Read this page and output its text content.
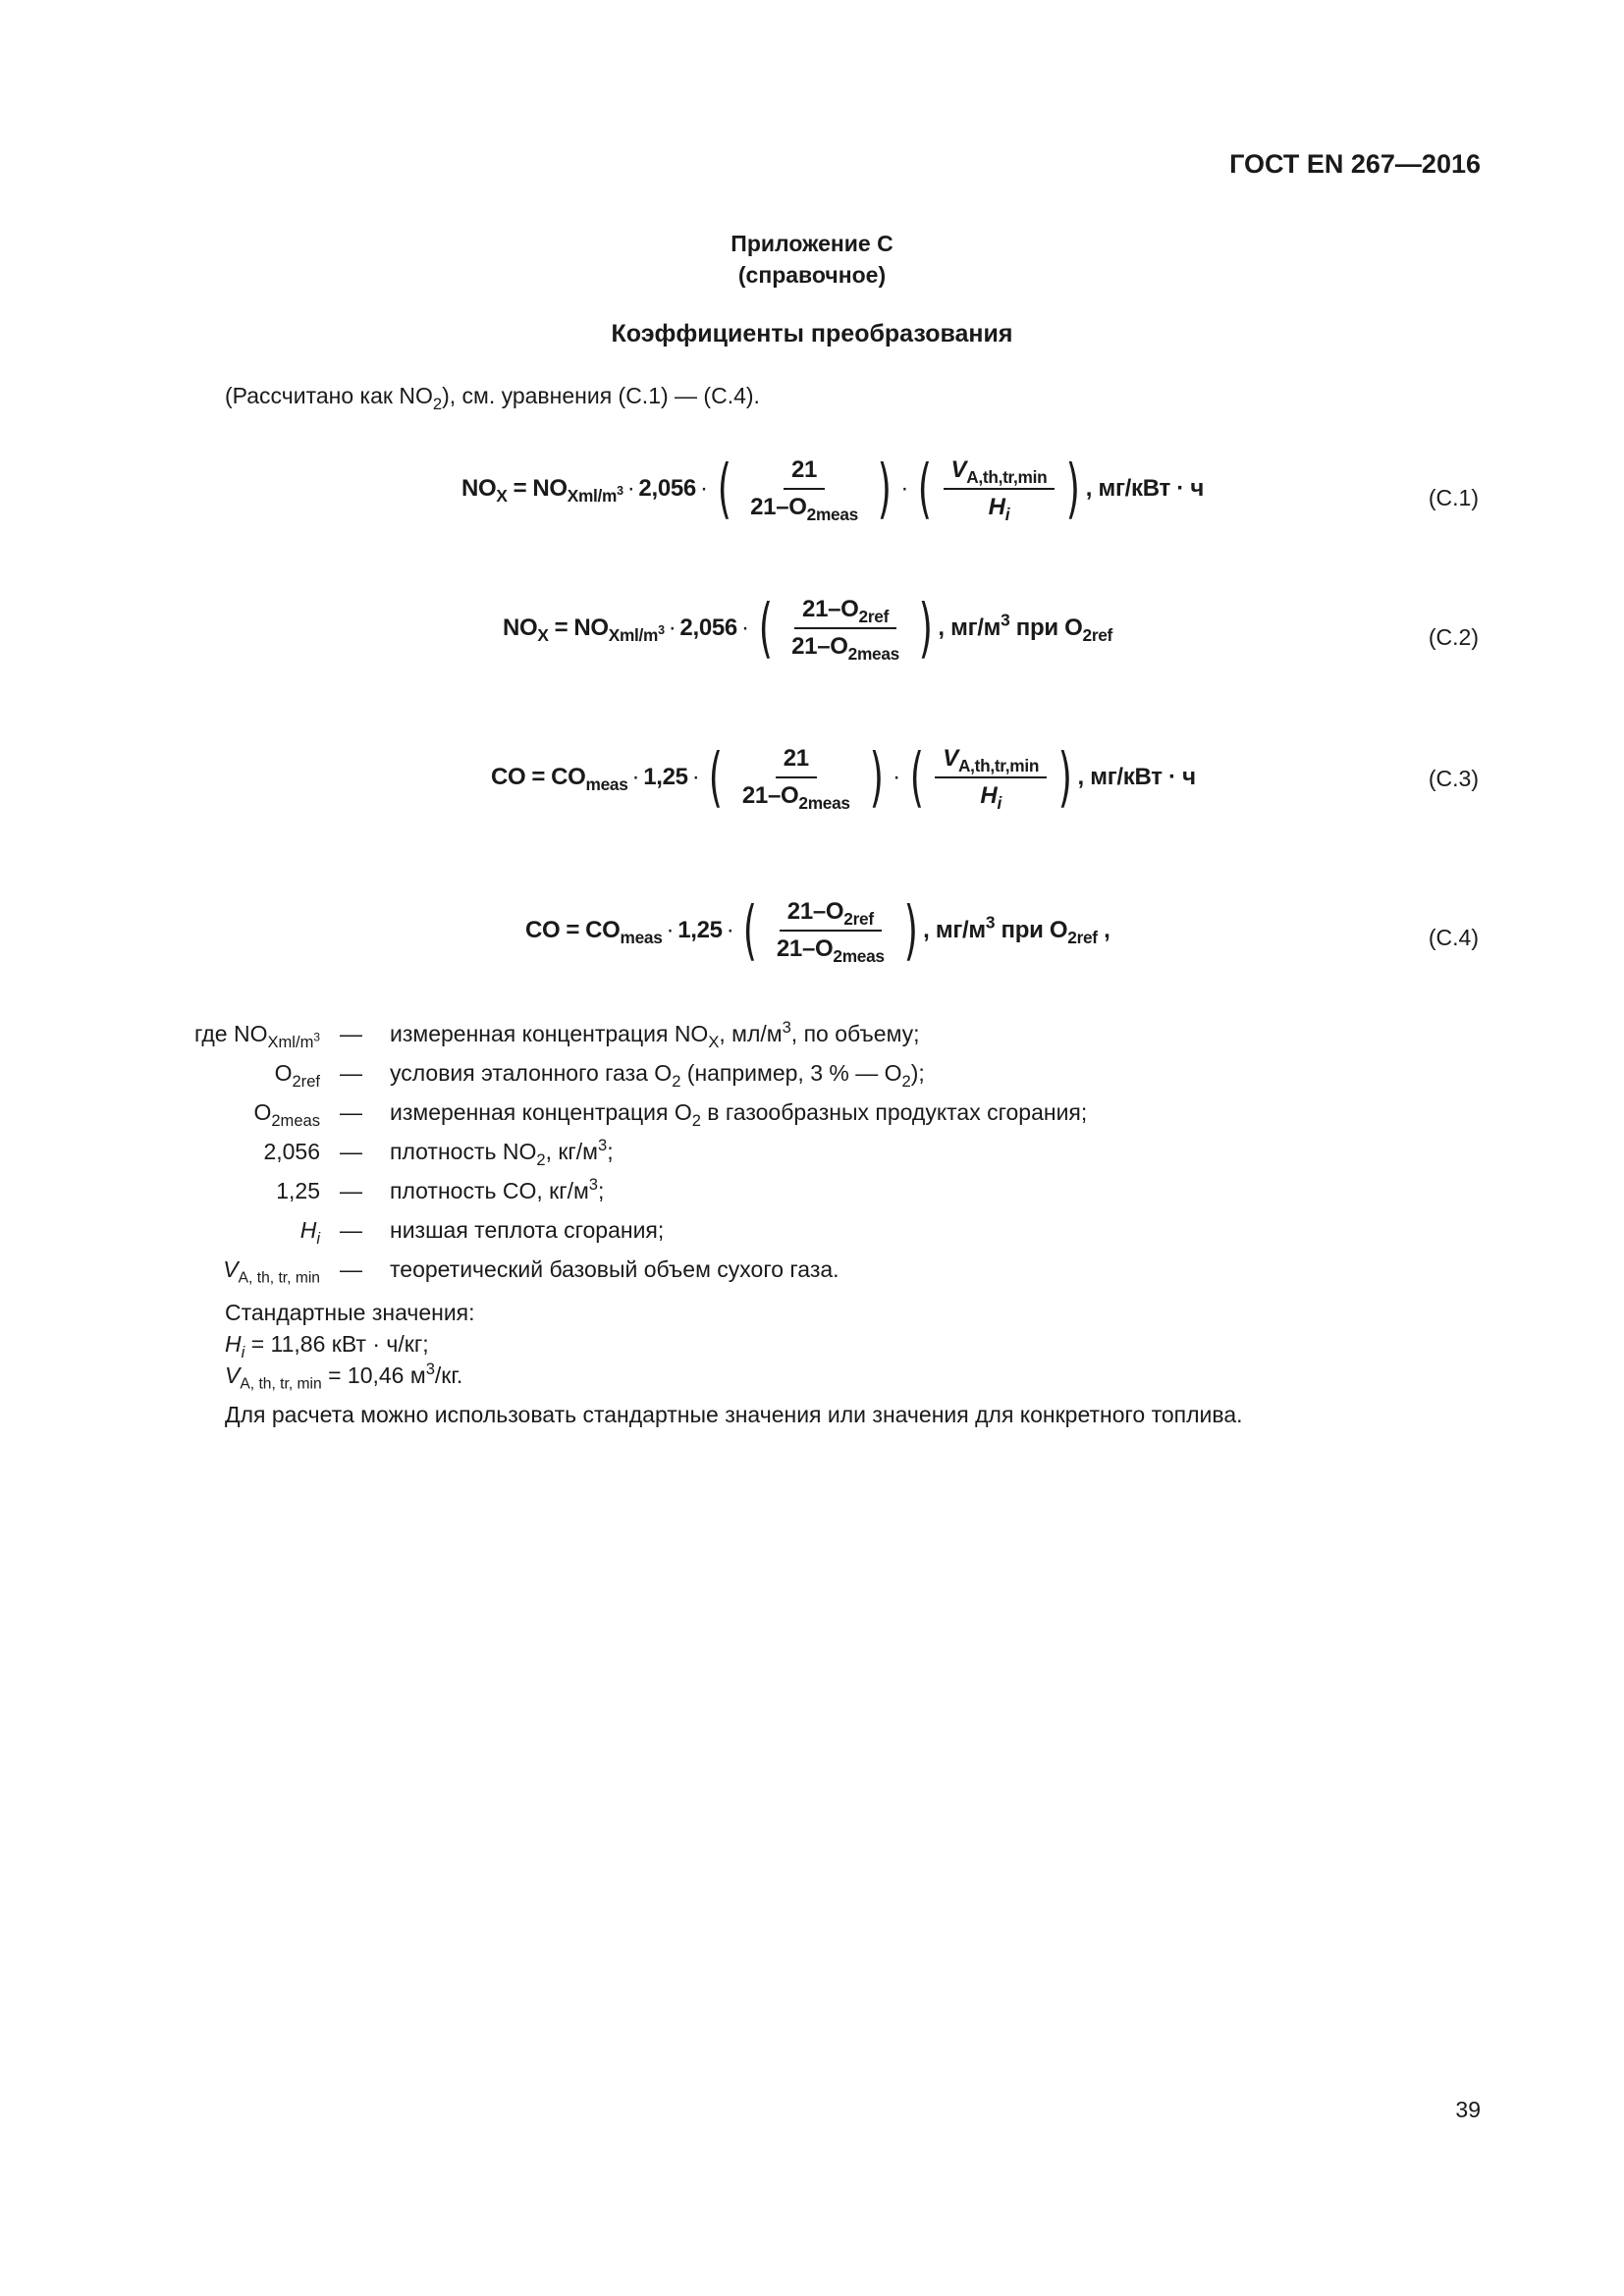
ГОСТ EN 267—2016
Приложение С
(справочное)
Коэффициенты преобразования
(Рассчитано как $NO_2$), см. уравнения (С.1) — (С.4).
$NO_X = NO_{Xml/m^3} \cdot 2,056$ · ( $\frac{21}{21-O_{2meas}}$ ) · ( $\frac{V_{A,th,tr,min}}{H_i}$ ) , мг/кВт · ч	(C.1)
$NO_X = NO_{Xml/m^3} \cdot 2,056$ · ( $\frac{21-O_{2ref}}{21-O_{2meas}}$ ) , $мг/м^3$ при $O_{2ref}$	(C.2)
CO = $CO_{meas} \cdot 1,25$ · ( $\frac{21}{21-O_{2meas}}$ ) · ( $\frac{V_{A,th,tr,min}}{H_i}$ ) , мг/кВт · ч	(C.3)
CO = $CO_{meas} \cdot 1,25$ · ( $\frac{21-O_{2ref}}{21-O_{2meas}}$ ) , $мг/м^3$ при $O_{2ref}$ ,	(C.4)
где $NO_{Xml/m^3}$ — измеренная концентрация $NO_X$, $мл/м^3$, по объему;
$O_{2ref}$ — условия эталонного газа $O_2$ (например, 3 % — $O_2$);
$O_{2meas}$ — измеренная концентрация $O_2$ в газообразных продуктах сгорания;
2,056 — плотность $NO_2$, $кг/м^3$;
1,25 — плотность CO, $кг/м^3$;
$H_i$ — низшая теплота сгорания;
$V_{A, th, tr, min}$ — теоретический базовый объем сухого газа.
Стандартные значения:
$H_i = 11,86$ кВт · ч/кг;
$V_{A, th, tr, min} = 10,46$ $м^3/кг$.
Для расчета можно использовать стандартные значения или значения для конкретного топлива.
39
